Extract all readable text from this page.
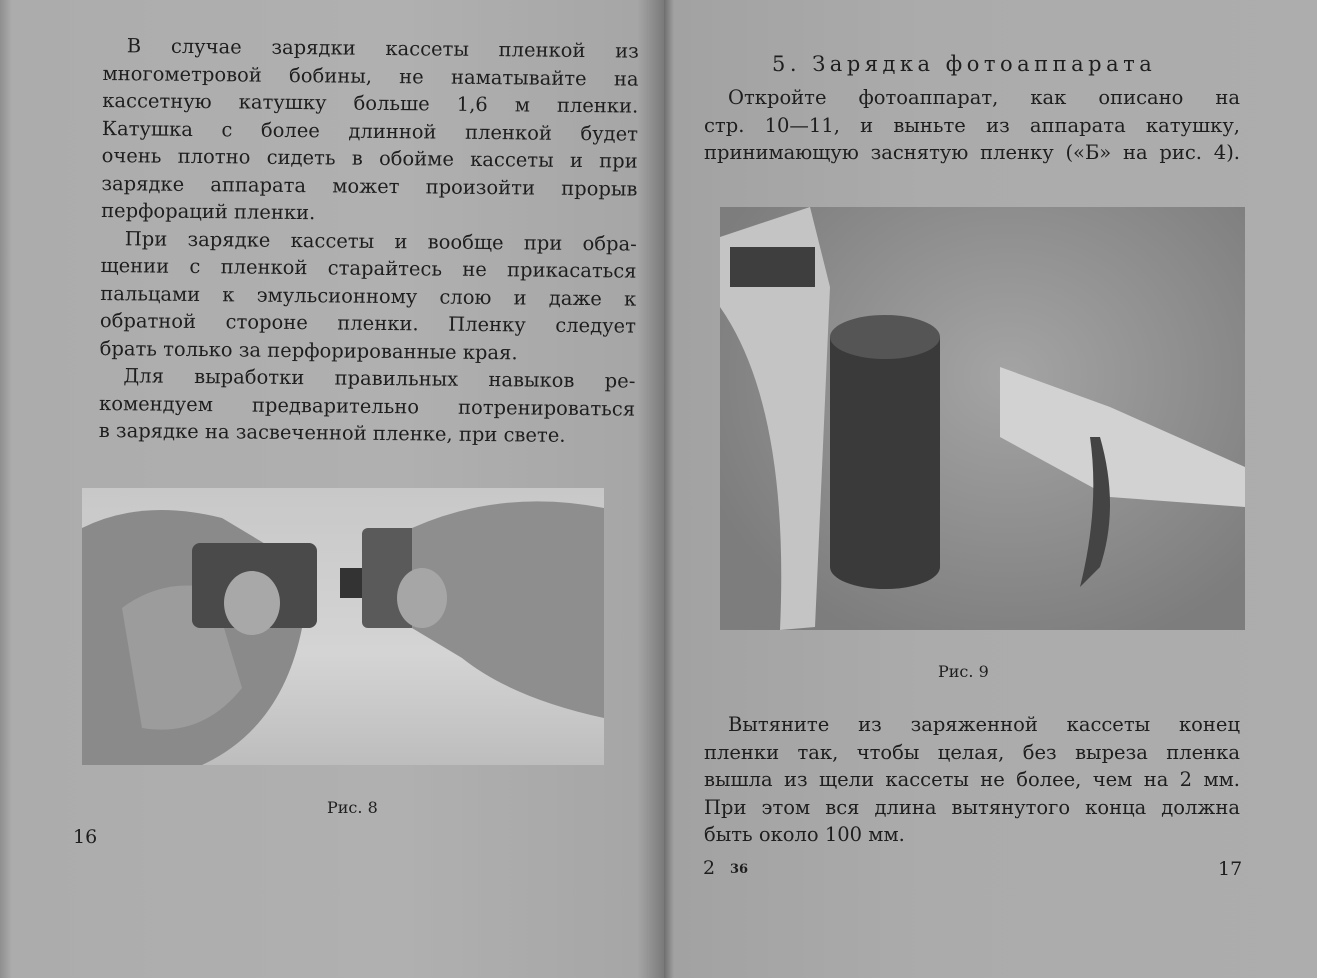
В случае зарядки кассеты пленкой из
многометровой бобины, не наматывайте на
кассетную катушку больше 1,6 м пленки.
Катушка с более длинной пленкой будет
очень плотно сидеть в обойме кассеты и при
зарядке аппарата может произойти прорыв
перфораций пленки.
При зарядке кассеты и вообще при обра-
щении с пленкой старайтесь не прикасаться
пальцами к эмульсионному слою и даже к
обратной стороне пленки. Пленку следует
брать только за перфорированные края.
Для выработки правильных навыков ре-
комендуем предварительно потренироваться
в зарядке на засвеченной пленке, при свете.
Рис. 8
16
5. Зарядка фотоаппарата
Откройте фотоаппарат, как описано на
стр. 10—11, и выньте из аппарата катушку,
принимающую заснятую пленку («Б» на рис. 4).
Рис. 9
Вытяните из заряженной кассеты конец
пленки так, чтобы целая, без выреза пленка
вышла из щели кассеты не более, чем на 2 мм.
При этом вся длина вытянутого конца должна
быть около 100 мм.
2 36	17
